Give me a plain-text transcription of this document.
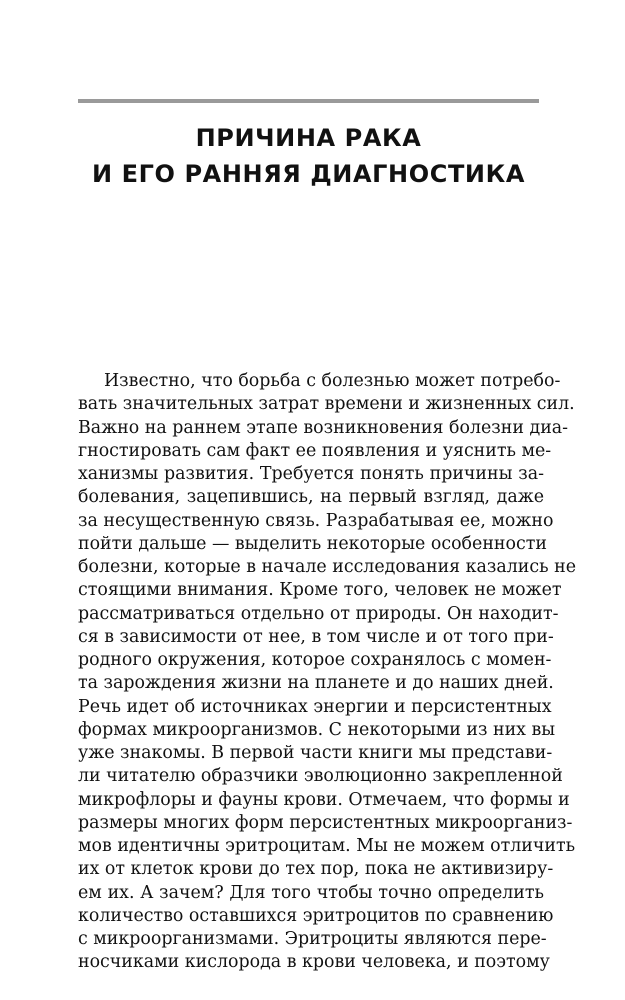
ПРИЧИНА РАКА
И ЕГО РАННЯЯ ДИАГНОСТИКА
Известно, что борьба с болезнью может потребо-
вать значительных затрат времени и жизненных сил.
Важно на раннем этапе возникновения болезни диа-
гностировать сам факт ее появления и уяснить ме-
ханизмы развития. Требуется понять причины за-
болевания, зацепившись, на первый взгляд, даже
за несущественную связь. Разрабатывая ее, можно
пойти дальше — выделить некоторые особенности
болезни, которые в начале исследования казались не
стоящими внимания. Кроме того, человек не может
рассматриваться отдельно от природы. Он находит-
ся в зависимости от нее, в том числе и от того при-
родного окружения, которое сохранялось с момен-
та зарождения жизни на планете и до наших дней.
Речь идет об источниках энергии и персистентных
формах микроорганизмов. С некоторыми из них вы
уже знакомы. В первой части книги мы представи-
ли читателю образчики эволюционно закрепленной
микрофлоры и фауны крови. Отмечаем, что формы и
размеры многих форм персистентных микроорганиз-
мов идентичны эритроцитам. Мы не можем отличить
их от клеток крови до тех пор, пока не активизиру-
ем их. А зачем? Для того чтобы точно определить
количество оставшихся эритроцитов по сравнению
с микроорганизмами. Эритроциты являются пере-
носчиками кислорода в крови человека, и поэтому
